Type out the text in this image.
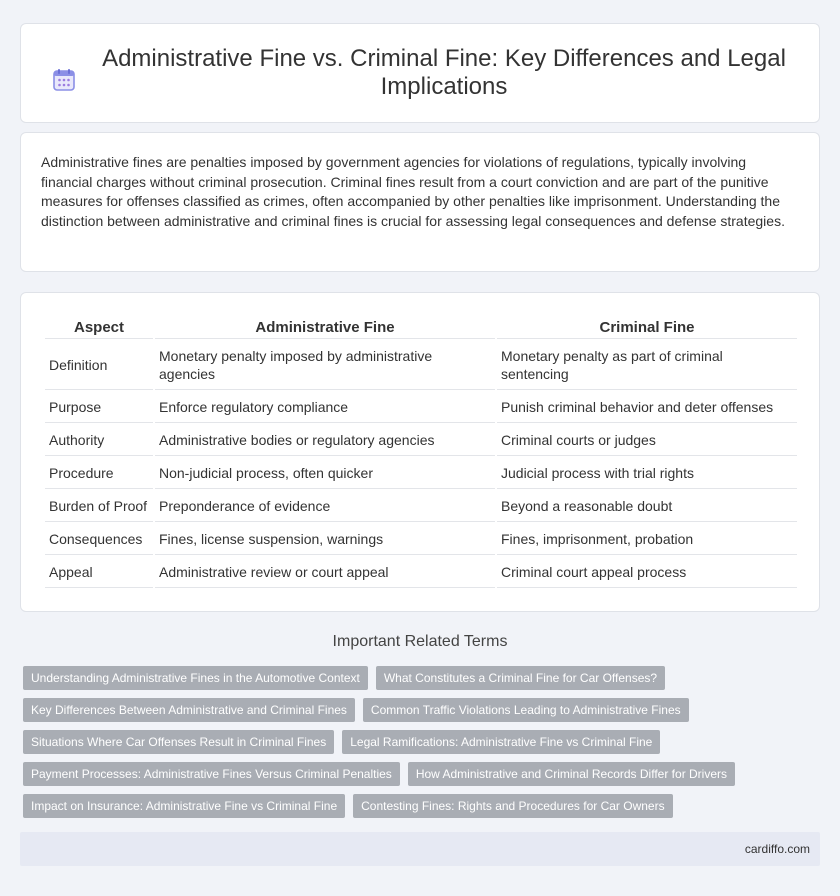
Administrative Fine vs. Criminal Fine: Key Differences and Legal Implications

Administrative fines are penalties imposed by government agencies for violations of regulations, typically involving financial charges without criminal prosecution. Criminal fines result from a court conviction and are part of the punitive measures for offenses classified as crimes, often accompanied by other penalties like imprisonment. Understanding the distinction between administrative and criminal fines is crucial for assessing legal consequences and defense strategies.

Aspect	Administrative Fine	Criminal Fine
Definition	Monetary penalty imposed by administrative agencies	Monetary penalty as part of criminal sentencing
Purpose	Enforce regulatory compliance	Punish criminal behavior and deter offenses
Authority	Administrative bodies or regulatory agencies	Criminal courts or judges
Procedure	Non-judicial process, often quicker	Judicial process with trial rights
Burden of Proof	Preponderance of evidence	Beyond a reasonable doubt
Consequences	Fines, license suspension, warnings	Fines, imprisonment, probation
Appeal	Administrative review or court appeal	Criminal court appeal process
Important Related Terms
Understanding Administrative Fines in the Automotive Context	What Constitutes a Criminal Fine for Car Offenses?
Key Differences Between Administrative and Criminal Fines	Common Traffic Violations Leading to Administrative Fines
Situations Where Car Offenses Result in Criminal Fines	Legal Ramifications: Administrative Fine vs Criminal Fine
Payment Processes: Administrative Fines Versus Criminal Penalties	How Administrative and Criminal Records Differ for Drivers
Impact on Insurance: Administrative Fine vs Criminal Fine	Contesting Fines: Rights and Procedures for Car Owners
cardiffo.com
